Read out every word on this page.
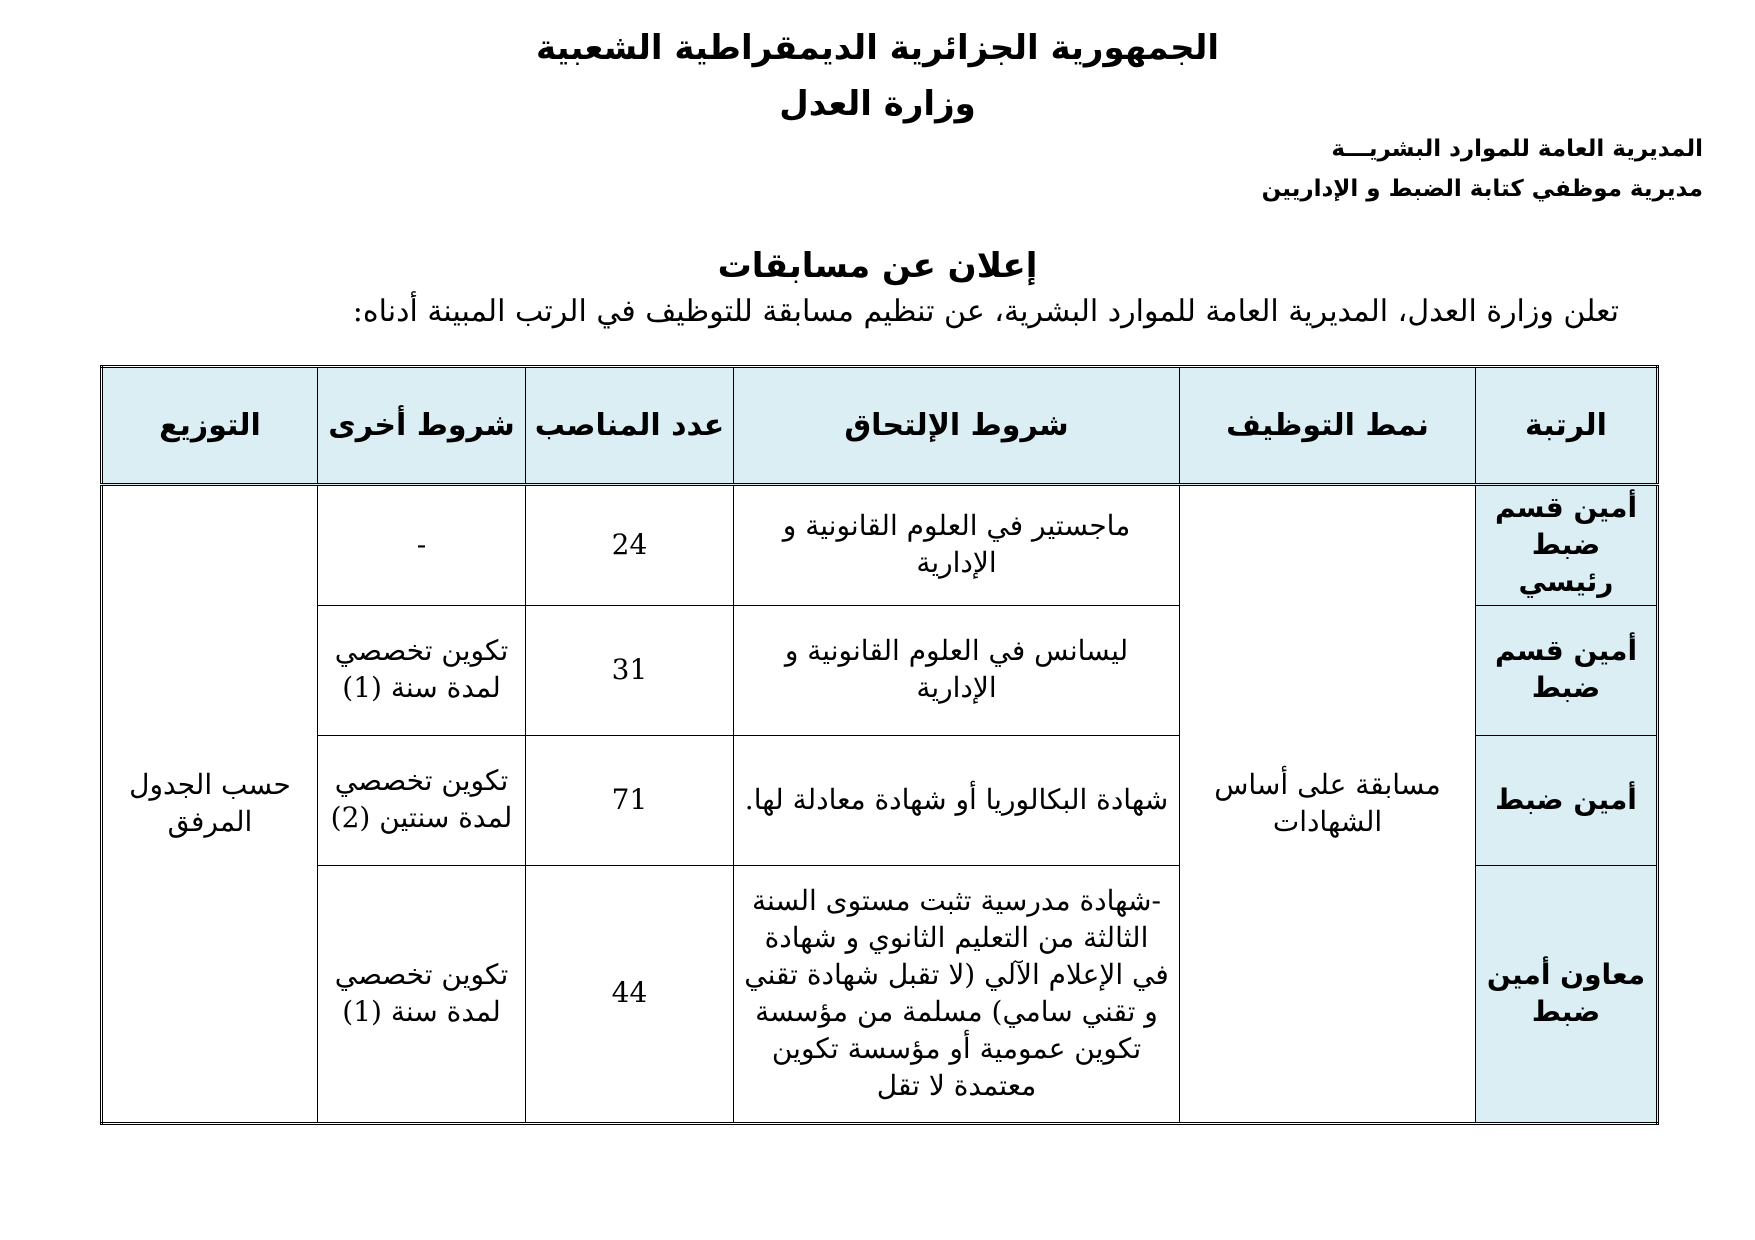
الجمهورية الجزائرية الديمقراطية الشعبية
وزارة العدل
المديرية العامة للموارد البشريـــة
مديرية موظفي كتابة الضبط و الإداريين
إعلان عن مسابقات
تعلن وزارة العدل، المديرية العامة للموارد البشرية، عن تنظيم مسابقة للتوظيف في الرتب المبينة أدناه:
الرتبة	نمط التوظيف	شروط الإلتحاق	عدد المناصب	شروط أخرى	التوزيع
أمين قسم ضبط رئيسي	مسابقة على أساس الشهادات	ماجستير في العلوم القانونية و الإدارية	24	-	حسب الجدول المرفق
أمين قسم ضبط		ليسانس في العلوم القانونية و الإدارية	31	تكوين تخصصي لمدة سنة (1)	
أمين ضبط		شهادة البكالوريا أو شهادة معادلة لها.	71	تكوين تخصصي لمدة سنتين (2)	
معاون أمين ضبط		-شهادة مدرسية تثبت مستوى السنة الثالثة من التعليم الثانوي و شهادة في الإعلام الآلي (لا تقبل شهادة تقني و تقني سامي) مسلمة من مؤسسة تكوين عمومية أو مؤسسة تكوين معتمدة لا تقل	44	تكوين تخصصي لمدة سنة (1)	
